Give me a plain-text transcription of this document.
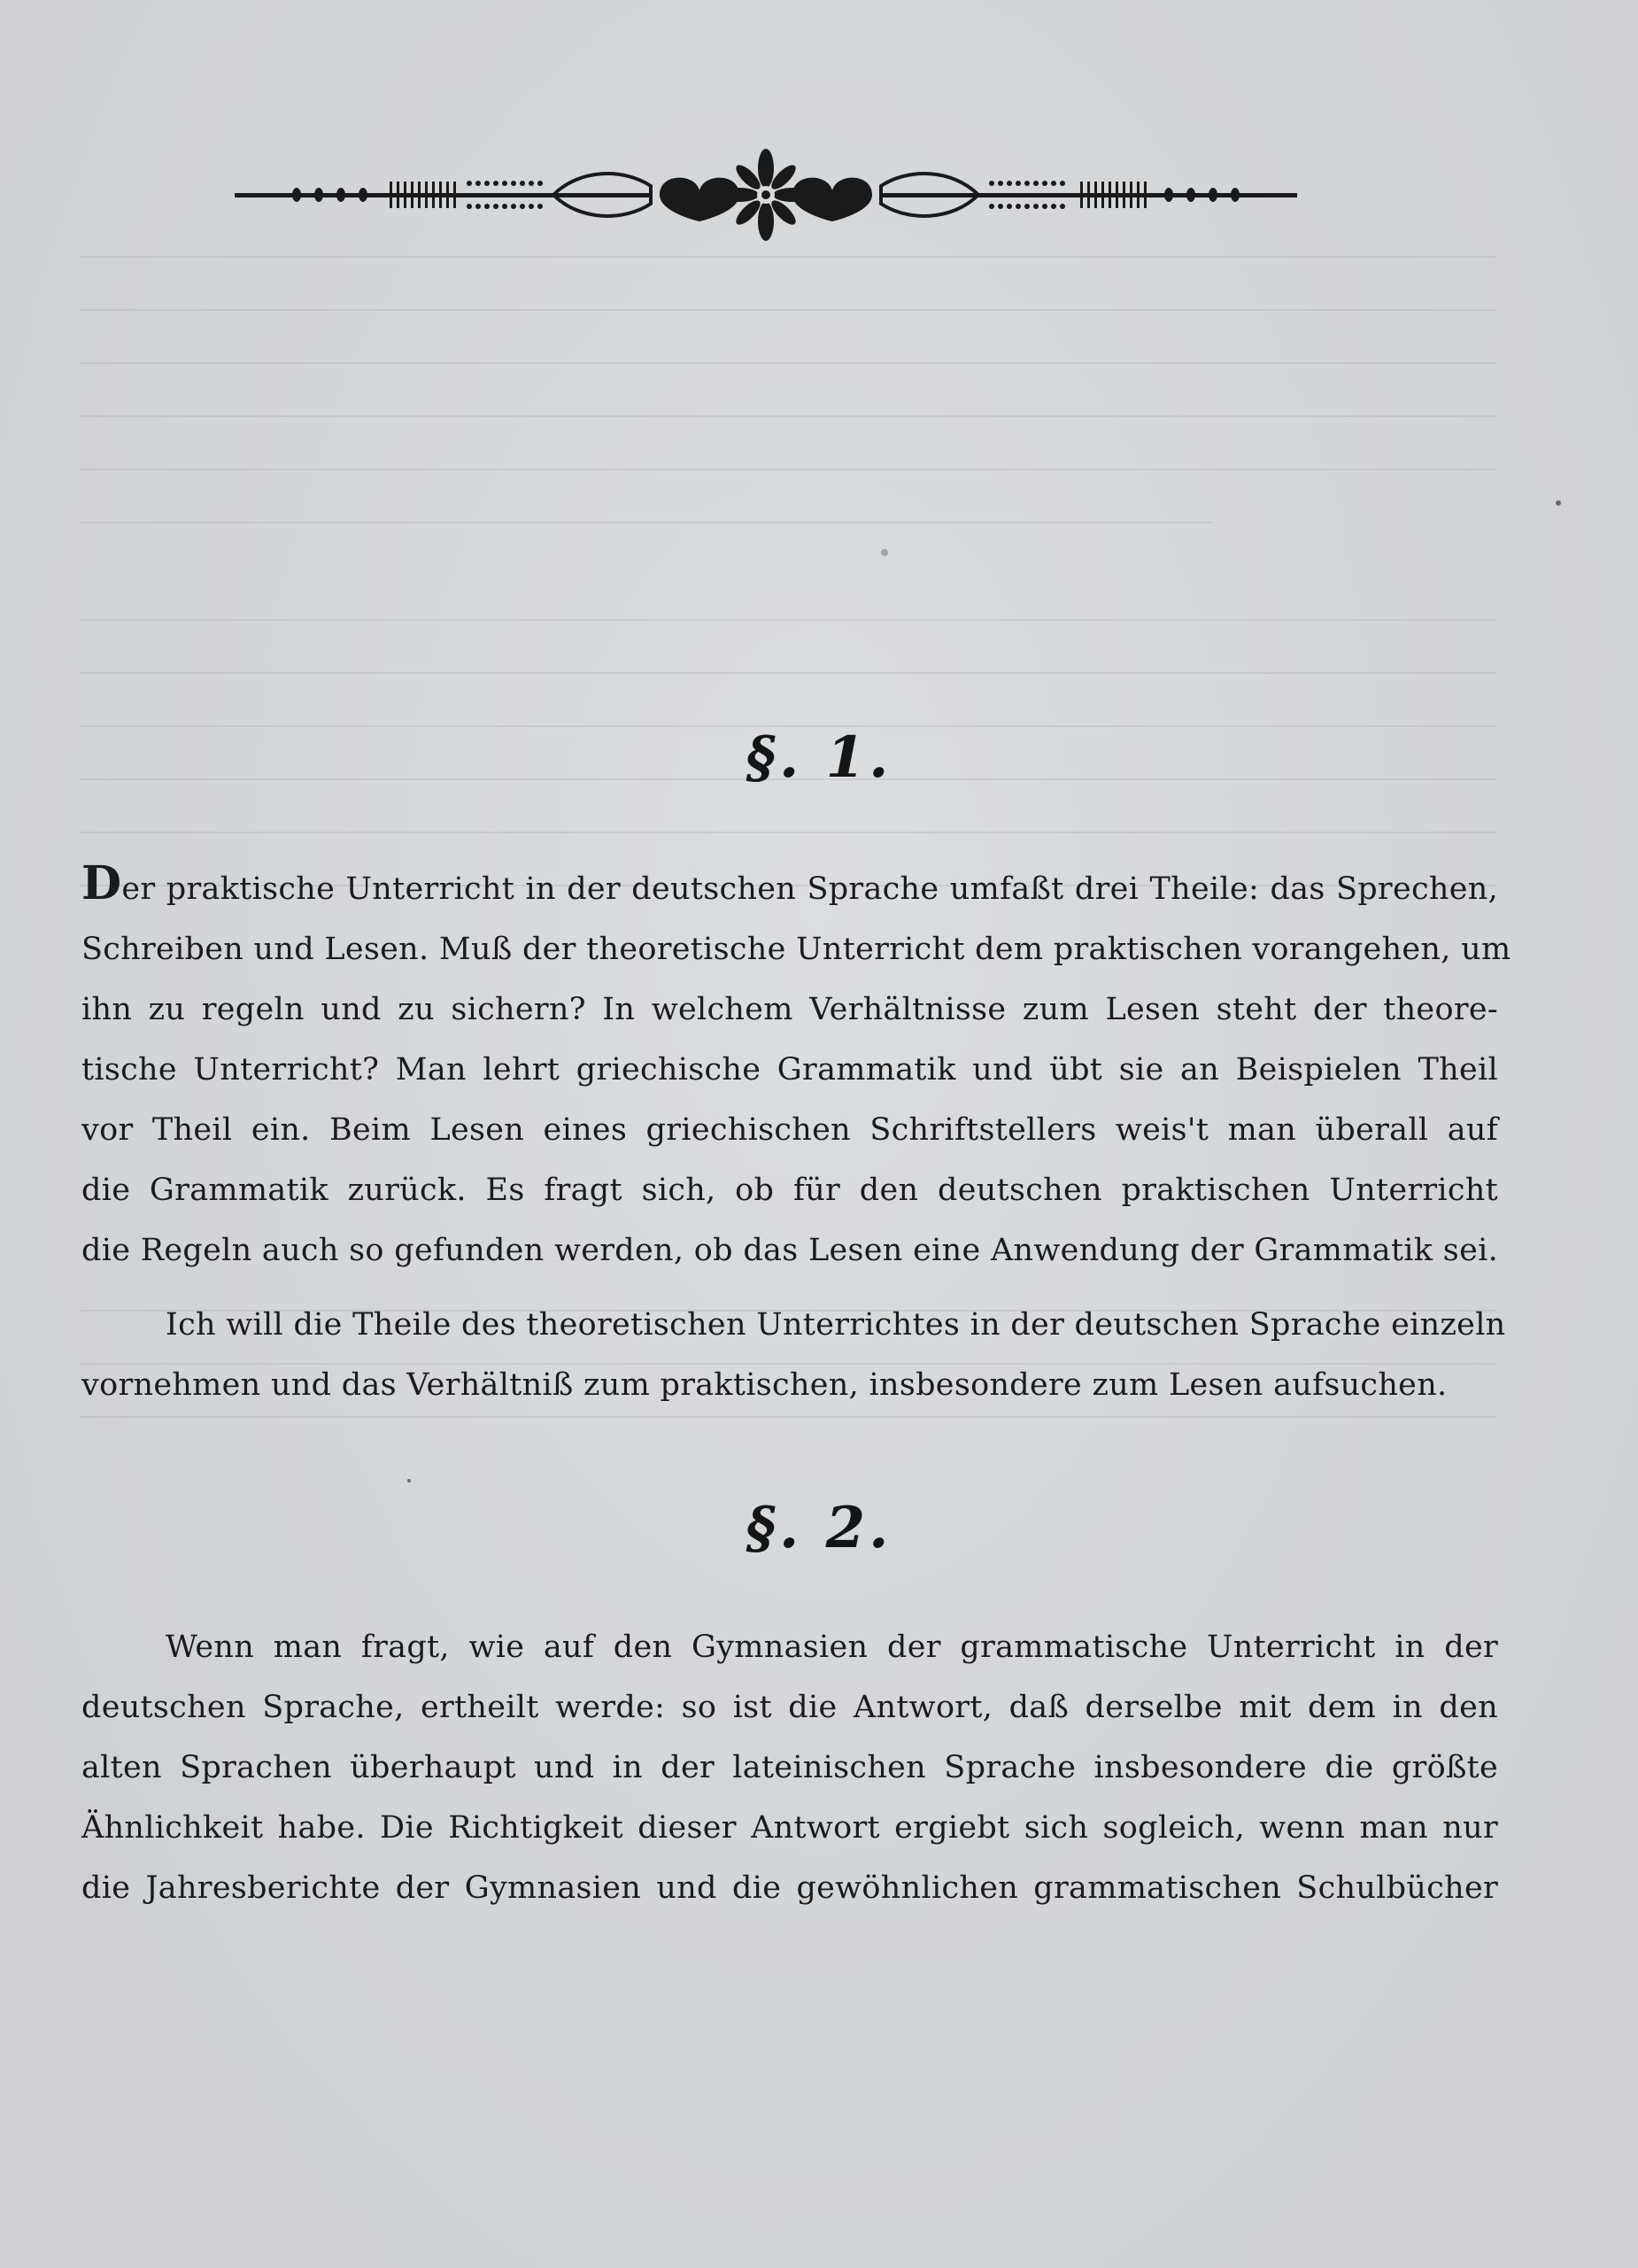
§. 1.
Der praktische Unterricht in der deutschen Sprache umfaßt drei Theile: das Sprechen,
Schreiben und Lesen. Muß der theoretische Unterricht dem praktischen vorangehen, um
ihn zu regeln und zu sichern? In welchem Verhältnisse zum Lesen steht der theore-
tische Unterricht? Man lehrt griechische Grammatik und übt sie an Beispielen Theil
vor Theil ein. Beim Lesen eines griechischen Schriftstellers weis't man überall auf
die Grammatik zurück. Es fragt sich, ob für den deutschen praktischen Unterricht
die Regeln auch so gefunden werden, ob das Lesen eine Anwendung der Grammatik sei.
Ich will die Theile des theoretischen Unterrichtes in der deutschen Sprache einzeln
vornehmen und das Verhältniß zum praktischen, insbesondere zum Lesen aufsuchen.
§. 2.
Wenn man fragt, wie auf den Gymnasien der grammatische Unterricht in der
deutschen Sprache, ertheilt werde: so ist die Antwort, daß derselbe mit dem in den
alten Sprachen überhaupt und in der lateinischen Sprache insbesondere die größte
Ähnlichkeit habe. Die Richtigkeit dieser Antwort ergiebt sich sogleich, wenn man nur
die Jahresberichte der Gymnasien und die gewöhnlichen grammatischen Schulbücher
